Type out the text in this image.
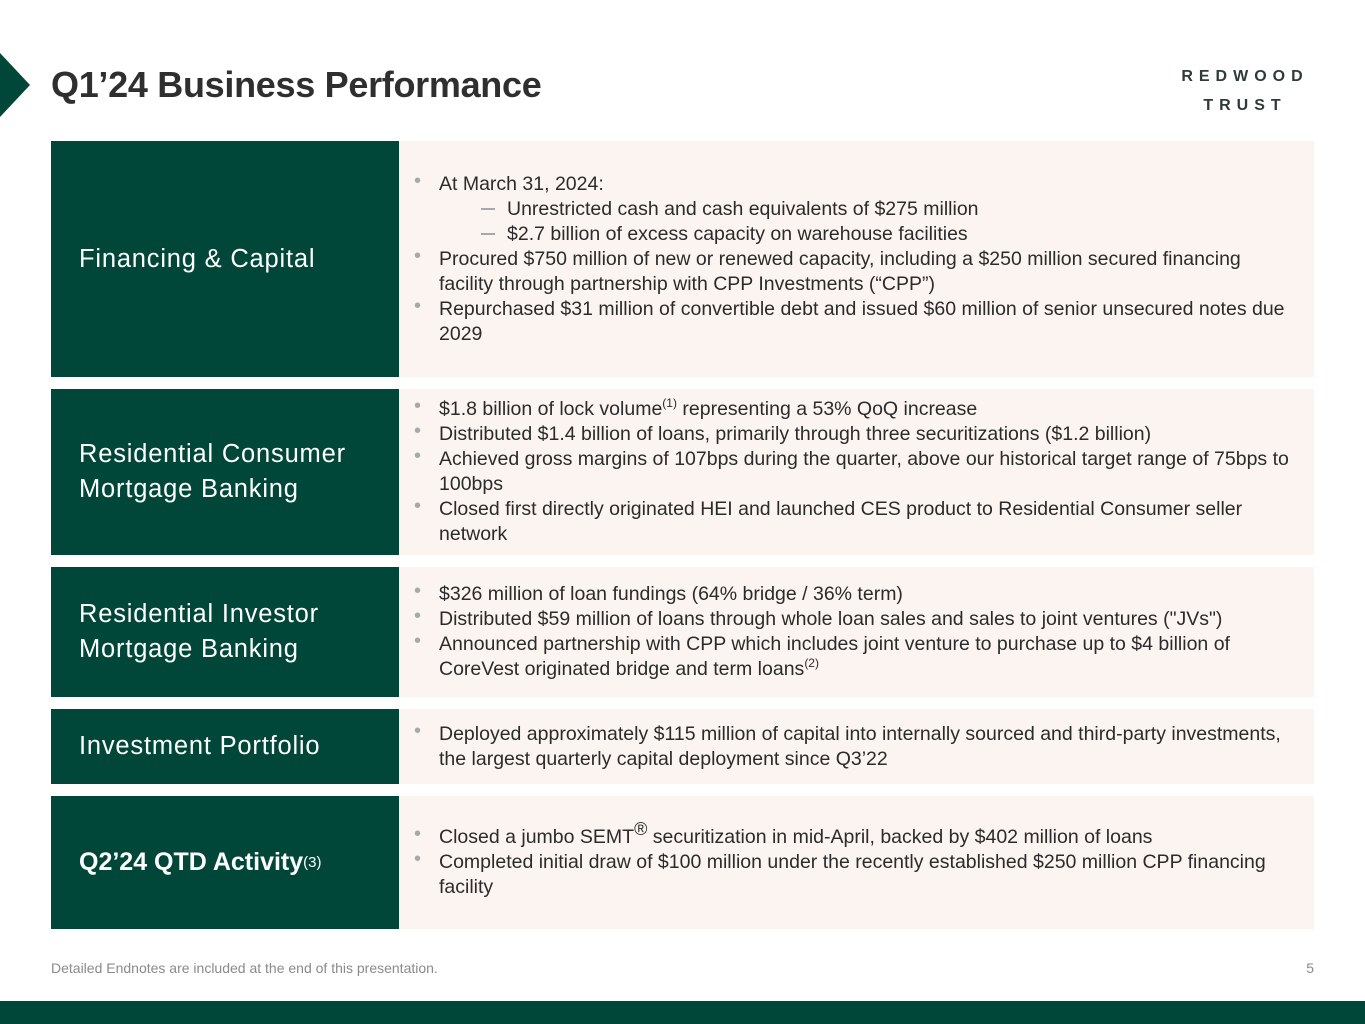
Q1’24 Business Performance	REDWOOD
TRUST
Financing & Capital
• At March 31, 2024:
Unrestricted cash and cash equivalents of $275 million
$2.7 billion of excess capacity on warehouse facilities
• Procured $750 million of new or renewed capacity, including a $250 million secured financing facility through partnership with CPP Investments (“CPP”)
• Repurchased $31 million of convertible debt and issued $60 million of senior unsecured notes due 2029
Residential Consumer
Mortgage Banking
• $1.8 billion of lock volume$^{(1)}$ representing a 53% QoQ increase
• Distributed $1.4 billion of loans, primarily through three securitizations ($1.2 billion)
• Achieved gross margins of 107bps during the quarter, above our historical target range of 75bps to 100bps
• Closed first directly originated HEI and launched CES product to Residential Consumer seller network
Residential Investor
Mortgage Banking
• $326 million of loan fundings (64% bridge / 36% term)
• Distributed $59 million of loans through whole loan sales and sales to joint ventures ("JVs")
• Announced partnership with CPP which includes joint venture to purchase up to $4 billion of CoreVest originated bridge and term loans$^{(2)}$
Investment Portfolio
•	Deployed approximately $115 million of capital into internally sourced and third-party investments, the largest quarterly capital deployment since Q3’22
Q2’24 QTD Activity (3)
• Closed a jumbo SEMT® securitization in mid-April, backed by $402 million of loans
• Completed initial draw of $100 million under the recently established $250 million CPP financing facility
Detailed Endnotes are included at the end of this presentation.	5
